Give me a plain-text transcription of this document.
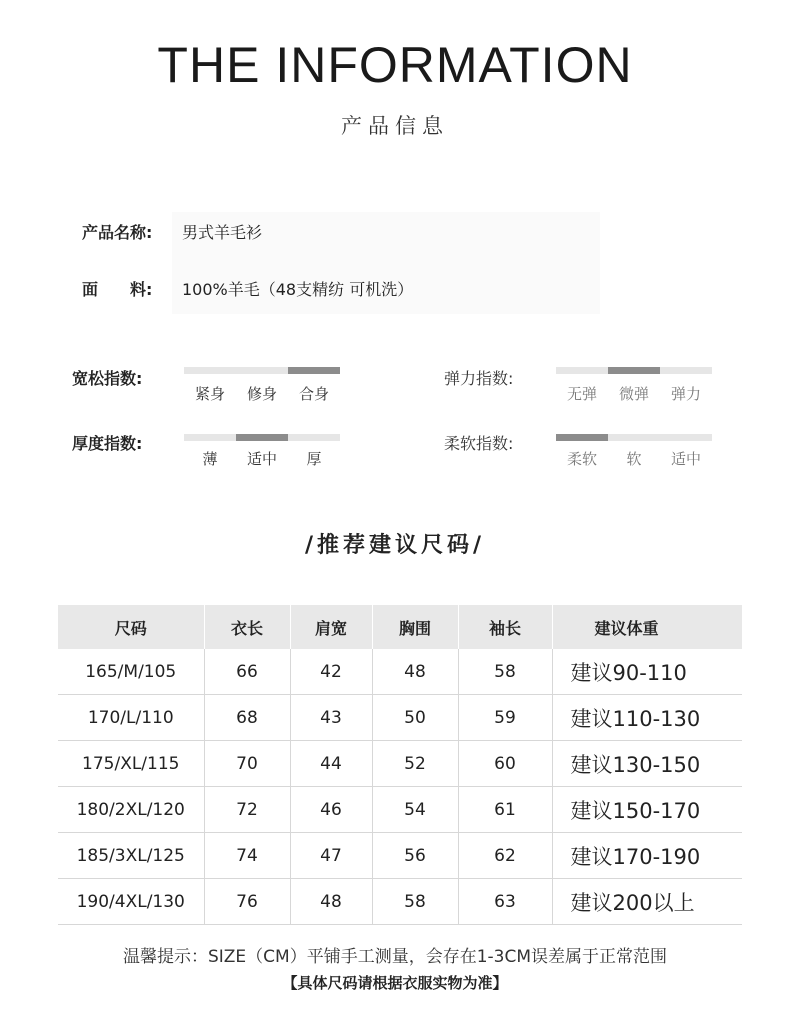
THE INFORMATION
产品信息
产品名称: 男式羊毛衫
面　　料: 100%羊毛（48支精纺 可机洗）
宽松指数:
紧身	修身	合身
厚度指数:
薄	适中	厚
弹力指数:
无弹	微弹	弹力
柔软指数:
柔软	软	适中
/推荐建议尺码/
尺码	衣长	肩宽	胸围	袖长	建议体重
165/M/105	66	42	48	58	建议90-110
170/L/110	68	43	50	59	建议110-130
175/XL/115	70	44	52	60	建议130-150
180/2XL/120	72	46	54	61	建议150-170
185/3XL/125	74	47	56	62	建议170-190
190/4XL/130	76	48	58	63	建议200以上
温馨提示：SIZE（CM）平铺手工测量，会存在1-3CM误差属于正常范围
【具体尺码请根据衣服实物为准】
